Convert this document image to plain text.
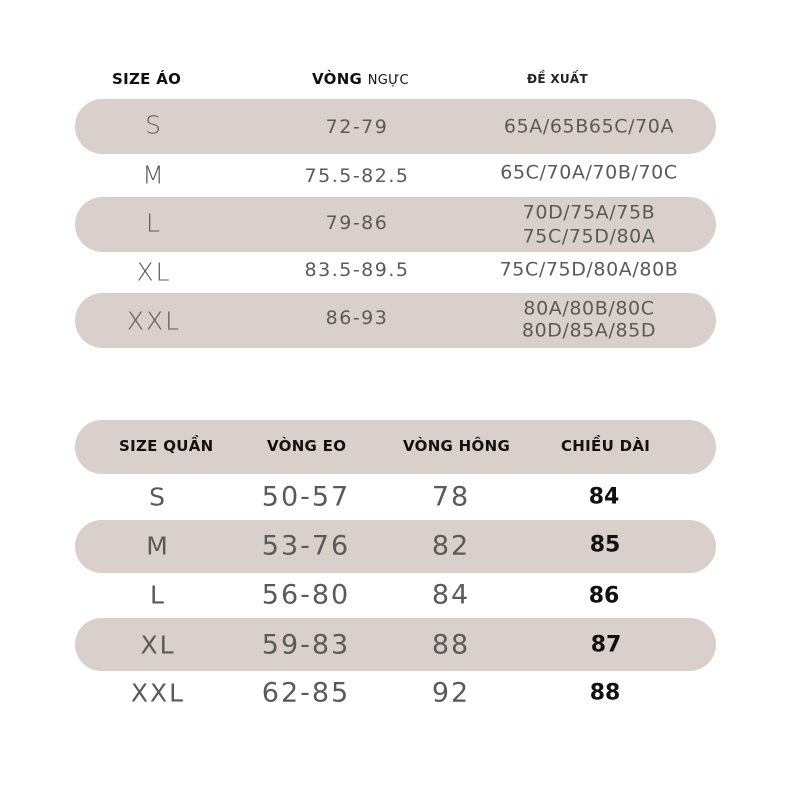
SIZE ÁO	VÒNG NGỰC	ĐỀ XUẤT
S	72-79	65A/65B65C/70A
M	75.5-82.5	65C/70A/70B/70C
L	79-86	70D/75A/75B
75C/75D/80A
XL	83.5-89.5	75C/75D/80A/80B
XXL	86-93	80A/80B/80C
80D/85A/85D
SIZE QUẦN	VÒNG EO	VÒNG HÔNG	CHIỀU DÀI
S	50-57	78	84
M	53-76	82	85
L	56-80	84	86
XL	59-83	88	87
XXL	62-85	92	88
